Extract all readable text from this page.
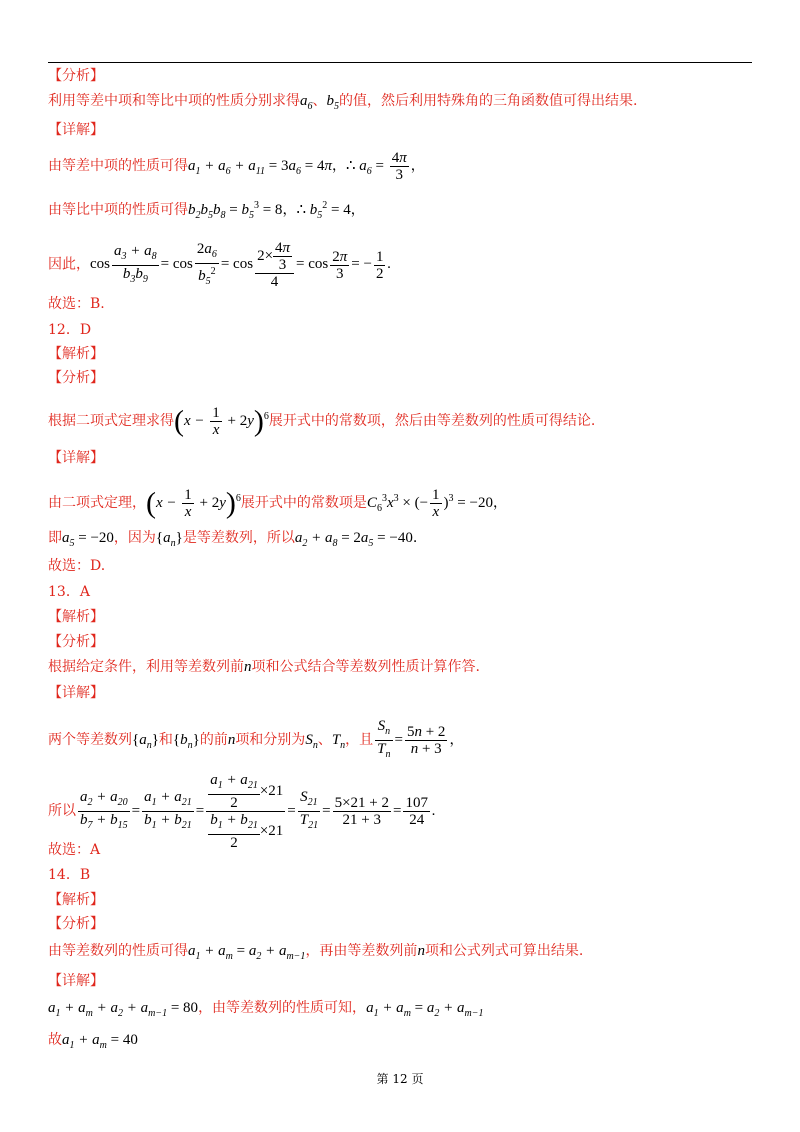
【分析】
利用等差中项和等比中项的性质分别求得$a_6$、$b_5$的值，然后利用特殊角的三角函数值可得出结果.
【详解】
由等差中项的性质可得$a_1 + a_6 + a_{11} = 3a_6 = 4\pi$，∴ $a_6 = \frac{4\pi}{3}$ ，
由等比中项的性质可得$b_2b_5b_8 = b_5^3 = 8$，∴ $b_5^2 = 4$，
因此，$\cos \frac{a_3 + a_8}{b_3b_9} = \cos \frac{2a_6}{b_5^2} = \cos \frac{2\times \frac{4\pi}{3}}{4} = \cos \frac{2\pi}{3}$ = − $\frac{1}{2}$ .
故选：B.
12．D
【解析】
【分析】
根据二项式定理求得$(x - \frac{1}{x} + 2y)^6$展开式中的常数项，然后由等差数列的性质可得结论.
【详解】
由二项式定理，$(x - \frac{1}{x} + 2y)^6$展开式中的常数项是$C_6^3x^3$ × (− $\frac{1}{x} )^3 = -20$，
即$a_5 = -20$，因为$\{a_n\}$是等差数列，所以$a_2 + a_8 = 2a_5 = -40$.
故选：D.
13．A
【解析】
【分析】
根据给定条件，利用等差数列前n项和公式结合等差数列性质计算作答.
【详解】
两个等差数列$\{a_n\}$和$\{b_n\}$的前n项和分别为$S_n$、$T_n$，且 $\frac{S_n}{T_n} = \frac{5n + 2}{n + 3}$ ，
所以 $\frac{a_2 + a_{20}}{b_7 + b_{15}} = \frac{a_1 + a_{21}}{b_1 + b_{21}} = \frac{\frac{a_1 + a_{21}}{2} \times 21}{\frac{b_1 + b_{21}}{2} \times 21} = \frac{S_{21}}{T_{21}} = \frac{5\times 21 + 2}{21 + 3} = \frac{107}{24}$ .
故选：A
14．B
【解析】
【分析】
由等差数列的性质可得$a_1 + a_m = a_2 + a_{m-1}$，再由等差数列前n项和公式列式可算出结果.
【详解】
$a_1 + a_m + a_2 + a_{m-1} = 80$，由等差数列的性质可知，$a_1 + a_m = a_2 + a_{m-1}$
故$a_1 + a_m = 40$
第 12 页
